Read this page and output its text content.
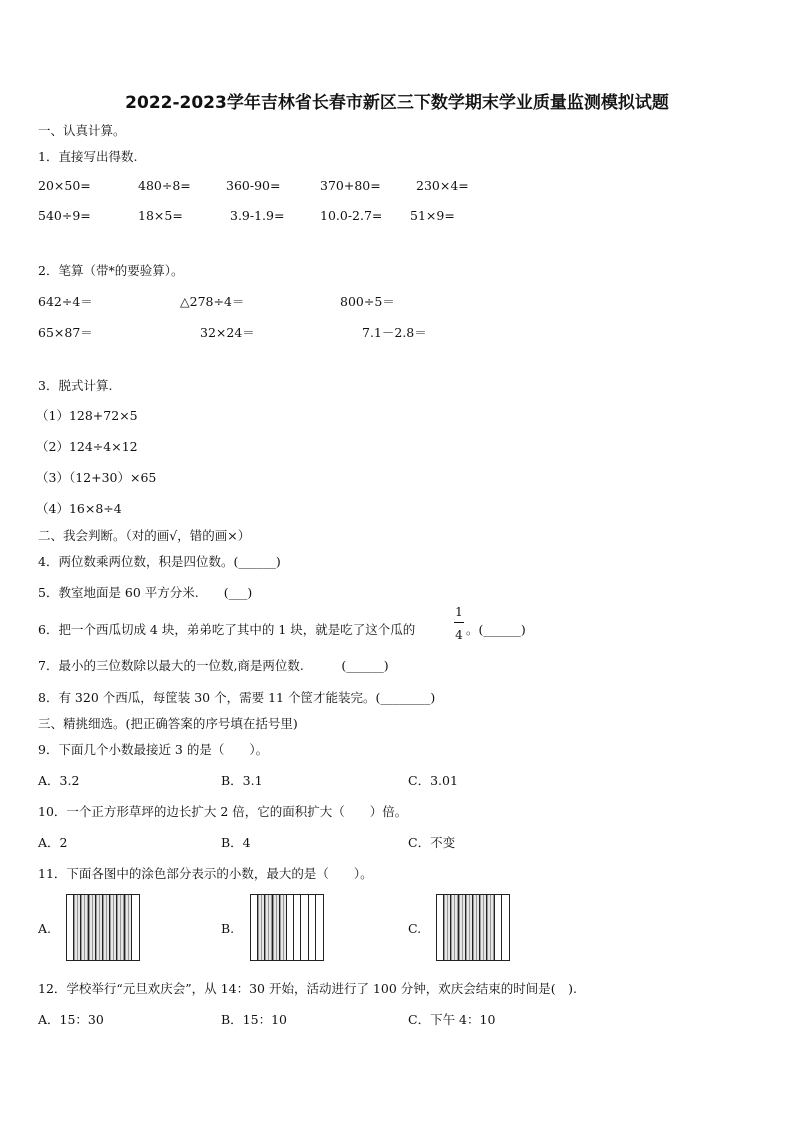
2022-2023学年吉林省长春市新区三下数学期末学业质量监测模拟试题
一、认真计算。
1．直接写出得数.
20×50=	480÷8=	360-90=	370+80=	230×4=
540÷9=	18×5=	3.9-1.9=	10.0-2.7= 51×9=
2．笔算（带*的要验算）。
642÷4＝	△278÷4＝	800÷5＝
65×87＝	32×24＝	7.1－2.8＝
3．脱式计算.
（1）128+72×5
（2）124÷4×12
（3）（12+30）×65
（4）16×8÷4
二、我会判断。（对的画√，错的画×）
4．两位数乘两位数，积是四位数。(______)
5．教室地面是 60 平方分米.　　(___)
6．把一个西瓜切成 4 块，弟弟吃了其中的 1 块，就是吃了这个瓜的
1
4 。(______)
7．最小的三位数除以最大的一位数,商是两位数.　　　(______)
8．有 320 个西瓜，每筐装 30 个，需要 11 个筐才能装完。(________)
三、精挑细选。(把正确答案的序号填在括号里)
9．下面几个小数最接近 3 的是（　　）。
A．3.2	B．3.1	C．3.01
10．一个正方形草坪的边长扩大 2 倍，它的面积扩大（　　）倍。
A．2	B．4	C．不变
11．下面各图中的涂色部分表示的小数，最大的是（　　）。
A.	B.	C.
12．学校举行“元旦欢庆会”，从 14：30 开始，活动进行了 100 分钟，欢庆会结束的时间是(　).
A．15：30	B．15：10	C．下午 4：10
